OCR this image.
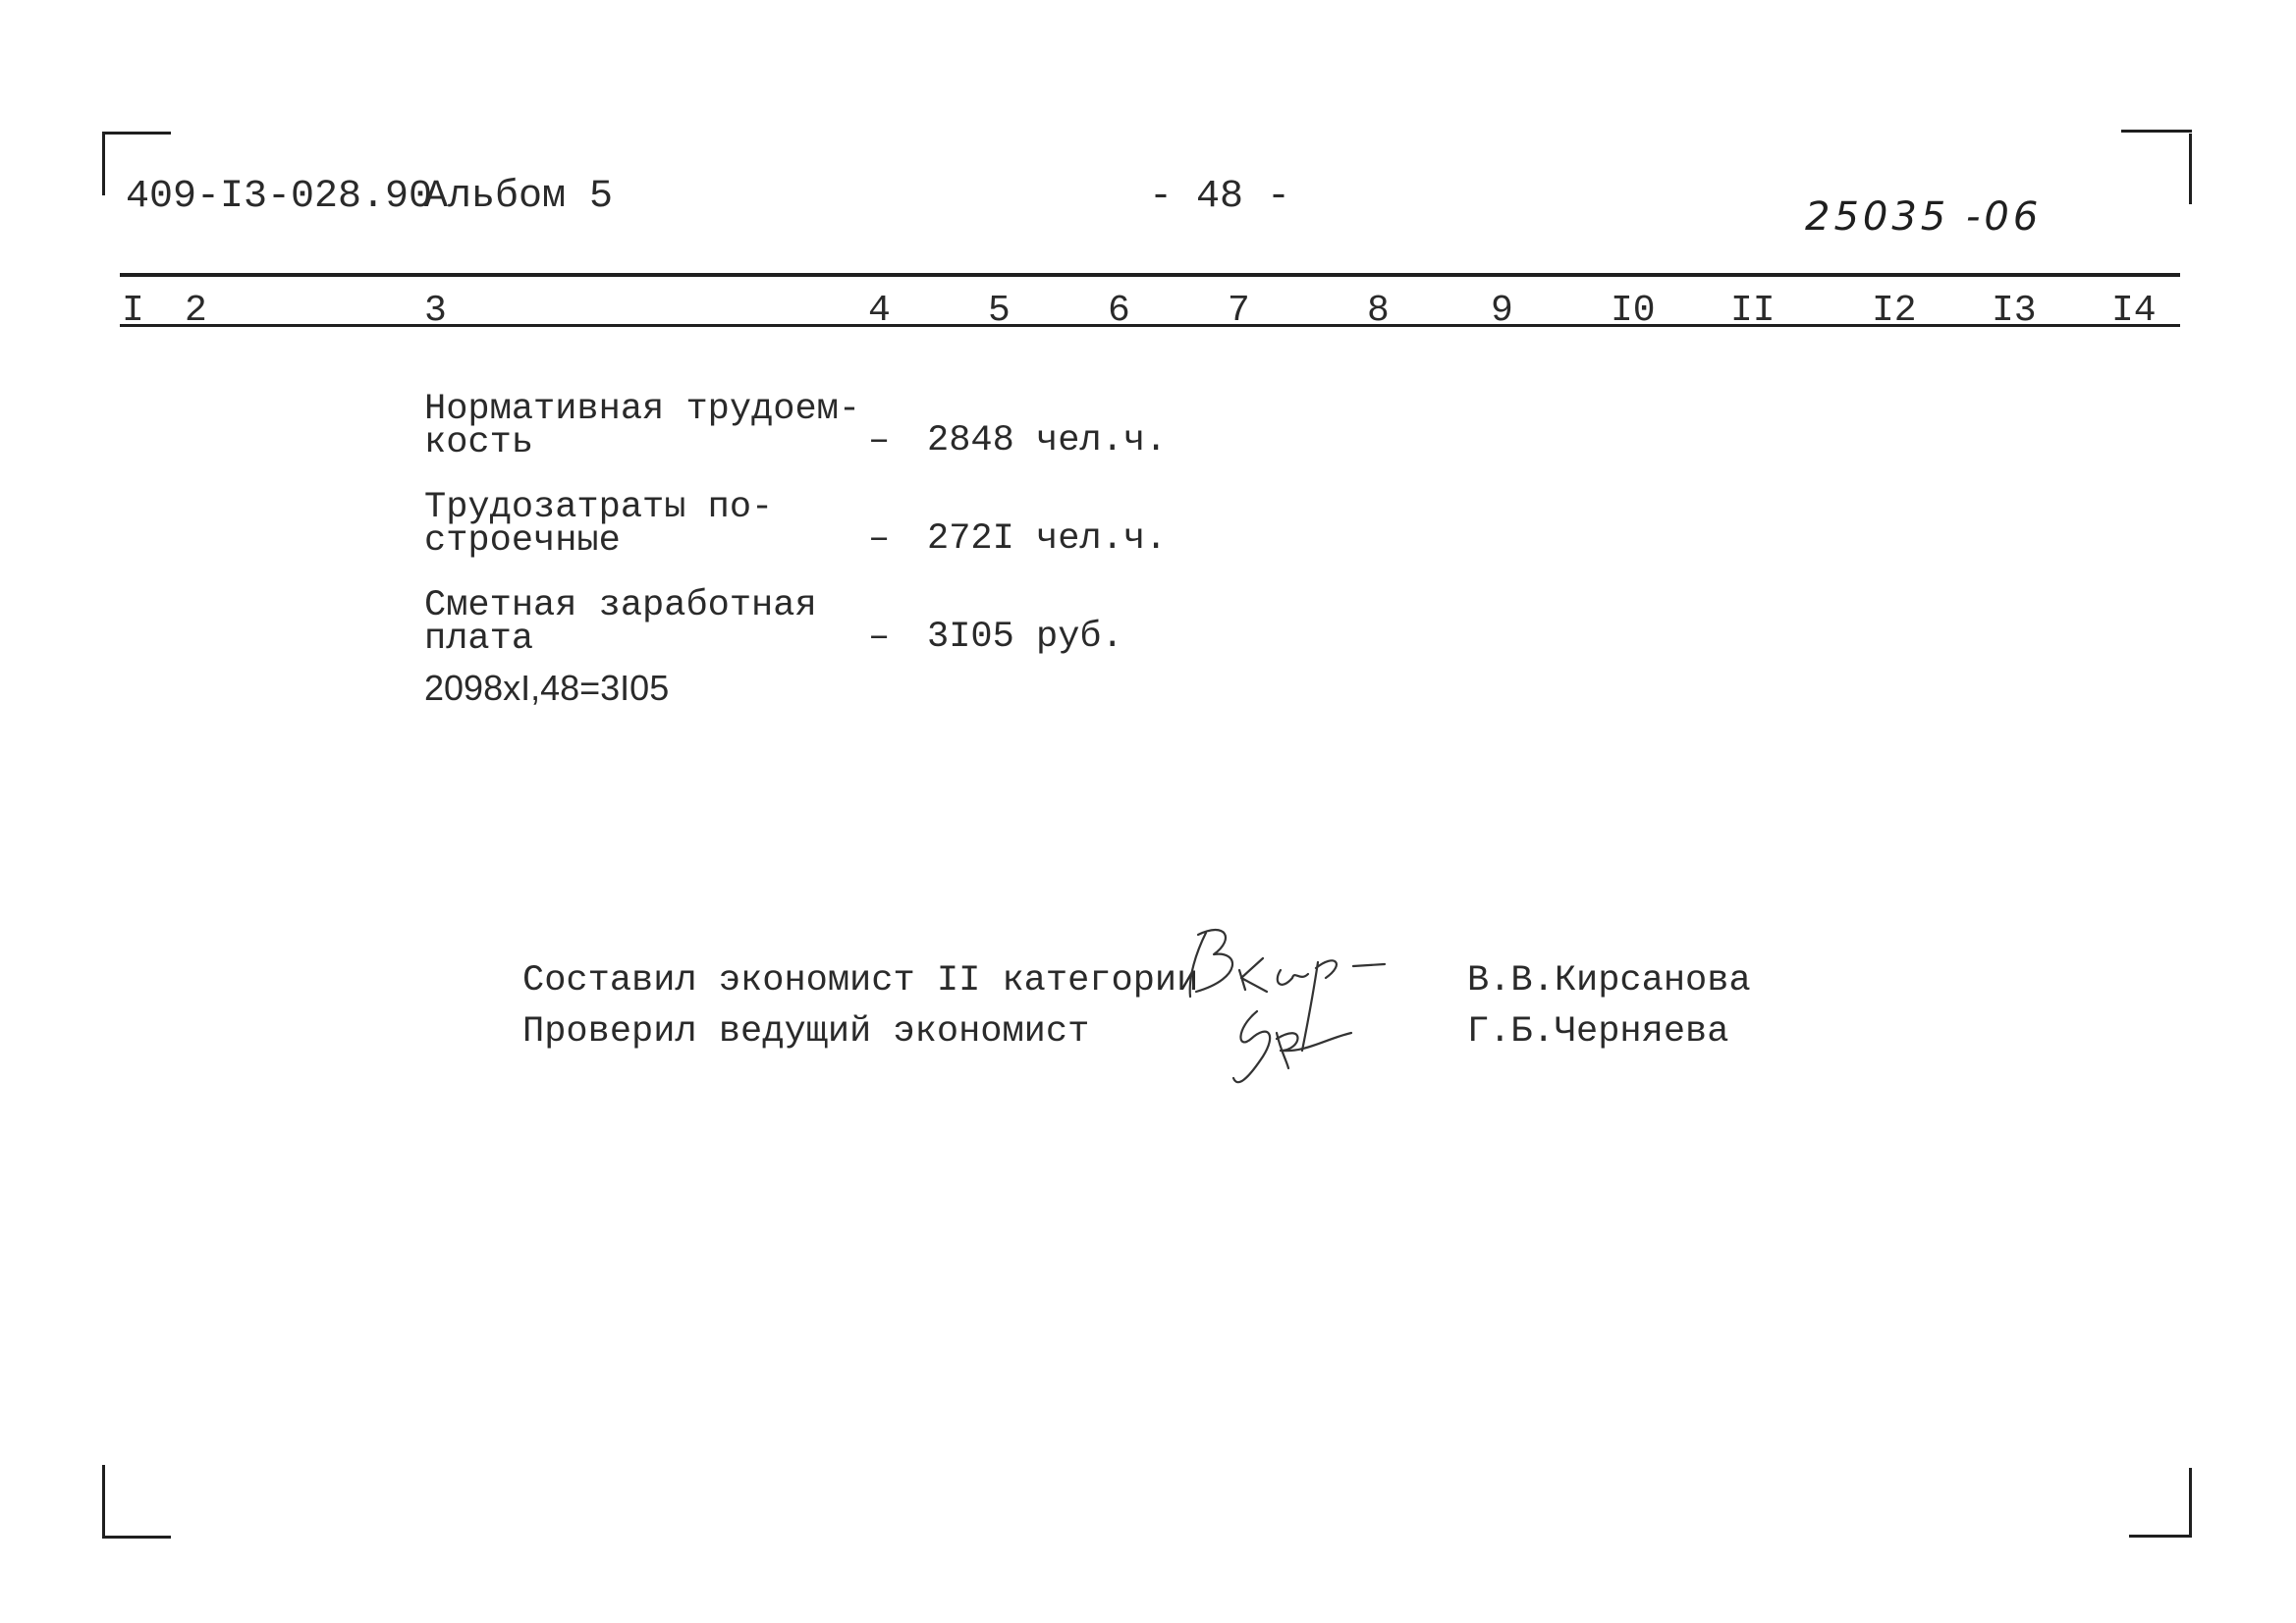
409-I3-028.90
Альбом 5	- 48 -	25035 -06
I 2	3	4	5	6	7	8	9	I0 II	I2 I3 I4
Нормативная трудоем-
кость	– 2848 чел.ч.
Трудозатраты по-
строечные	– 272I чел.ч.
Сметная заработная
плата	– 3I05 руб.
2098хI,48=3I05
Составил экономист II категории
Проверил ведущий экономист
В.В.Кирсанова
Г.Б.Черняева
